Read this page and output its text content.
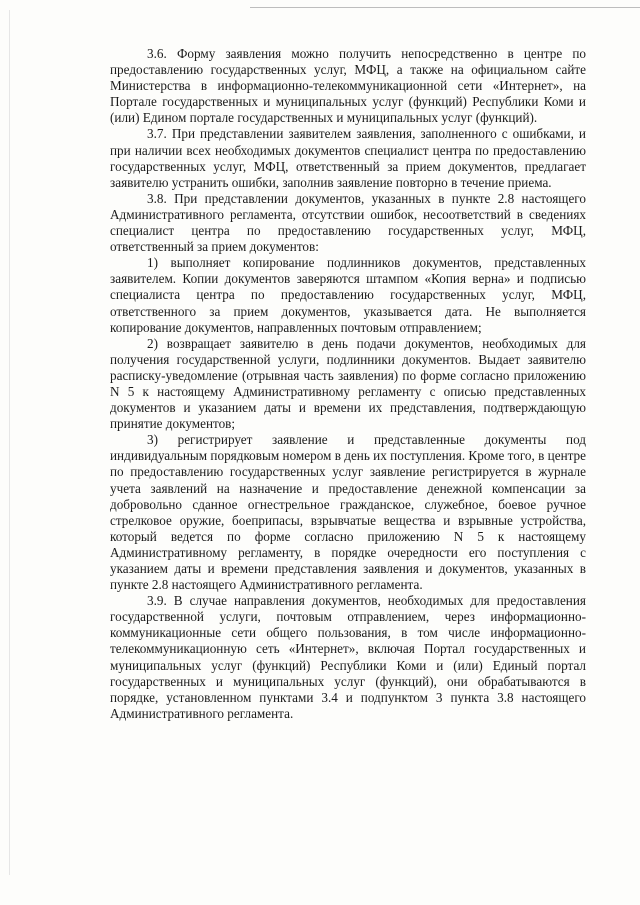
3.6. Форму заявления можно получить непосредственно в центре по предоставлению государственных услуг, МФЦ, а также на официальном сайте Министерства в информационно-телекоммуникационной сети «Интернет», на Портале государственных и муниципальных услуг (функций) Республики Коми и (или) Едином портале государственных и муниципальных услуг (функций).

3.7. При представлении заявителем заявления, заполненного с ошибками, и при наличии всех необходимых документов специалист центра по предоставлению государственных услуг, МФЦ, ответственный за прием документов, предлагает заявителю устранить ошибки, заполнив заявление повторно в течение приема.

3.8. При представлении документов, указанных в пункте 2.8 настоящего Административного регламента, отсутствии ошибок, несоответствий в сведениях специалист центра по предоставлению государственных услуг, МФЦ, ответственный за прием документов:

1) выполняет копирование подлинников документов, представленных заявителем. Копии документов заверяются штампом «Копия верна» и подписью специалиста центра по предоставлению государственных услуг, МФЦ, ответственного за прием документов, указывается дата. Не выполняется копирование документов, направленных почтовым отправлением;

2) возвращает заявителю в день подачи документов, необходимых для получения государственной услуги, подлинники документов. Выдает заявителю расписку-уведомление (отрывная часть заявления) по форме согласно приложению N 5 к настоящему Административному регламенту с описью представленных документов и указанием даты и времени их представления, подтверждающую принятие документов;

3) регистрирует заявление и представленные документы под индивидуальным порядковым номером в день их поступления. Кроме того, в центре по предоставлению государственных услуг заявление регистрируется в журнале учета заявлений на назначение и предоставление денежной компенсации за добровольно сданное огнестрельное гражданское, служебное, боевое ручное стрелковое оружие, боеприпасы, взрывчатые вещества и взрывные устройства, который ведется по форме согласно приложению N 5 к настоящему Административному регламенту, в порядке очередности его поступления с указанием даты и времени представления заявления и документов, указанных в пункте 2.8 настоящего Административного регламента.

3.9. В случае направления документов, необходимых для предоставления государственной услуги, почтовым отправлением, через информационно-коммуникационные сети общего пользования, в том числе информационно-телекоммуникационную сеть «Интернет», включая Портал государственных и муниципальных услуг (функций) Республики Коми и (или) Единый портал государственных и муниципальных услуг (функций), они обрабатываются в порядке, установленном пунктами 3.4 и подпунктом 3 пункта 3.8 настоящего Административного регламента.
